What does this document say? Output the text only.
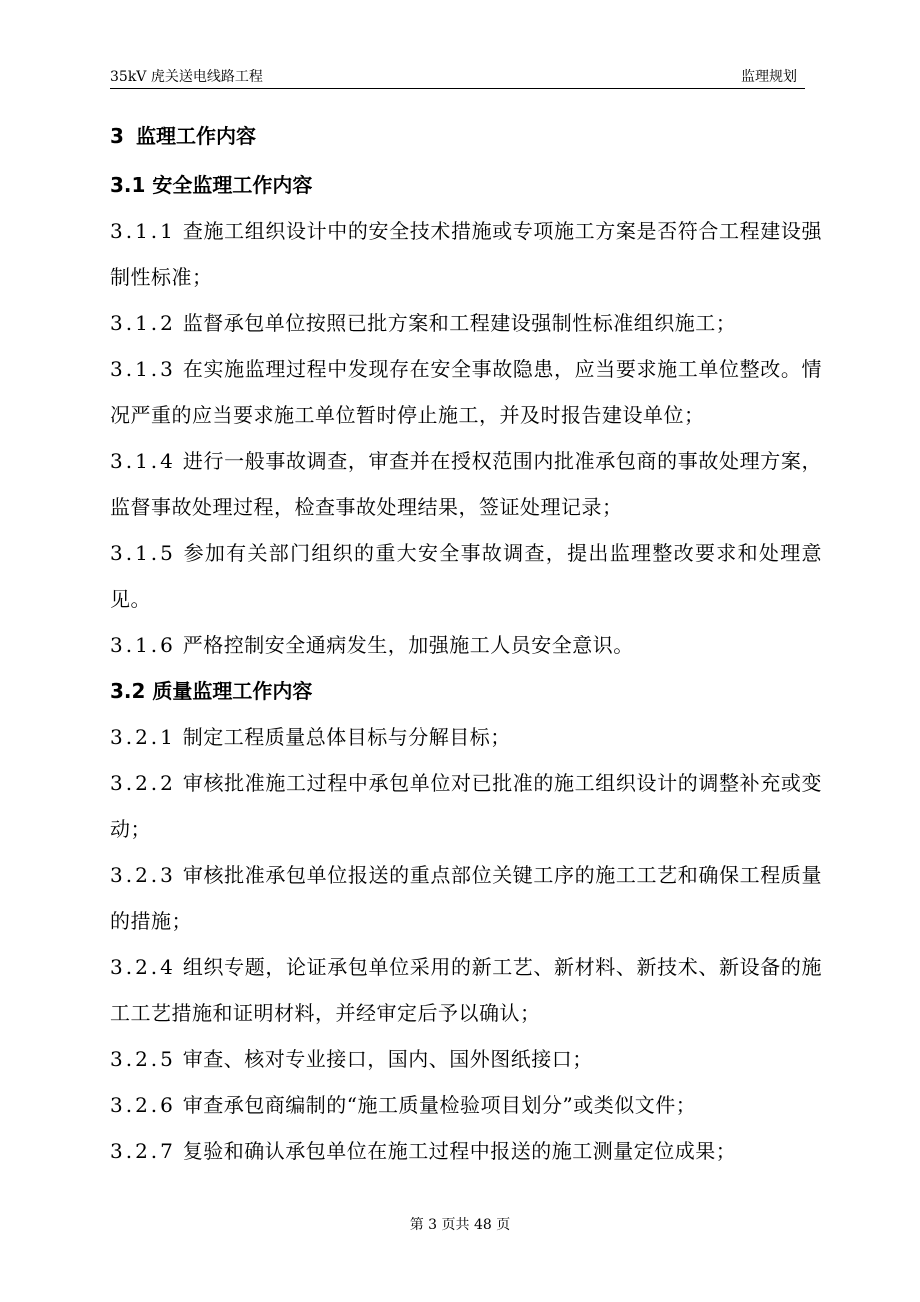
35kV 虎关送电线路工程	监理规划
3 监理工作内容
3.1 安全监理工作内容
3.1.1 查施工组织设计中的安全技术措施或专项施工方案是否符合工程建设强制性标准；
3.1.2 监督承包单位按照已批方案和工程建设强制性标准组织施工；
3.1.3 在实施监理过程中发现存在安全事故隐患，应当要求施工单位整改。情况严重的应当要求施工单位暂时停止施工，并及时报告建设单位；
3.1.4 进行一般事故调查，审查并在授权范围内批准承包商的事故处理方案，监督事故处理过程，检查事故处理结果，签证处理记录；
3.1.5 参加有关部门组织的重大安全事故调查，提出监理整改要求和处理意见。
3.1.6 严格控制安全通病发生，加强施工人员安全意识。
3.2 质量监理工作内容
3.2.1 制定工程质量总体目标与分解目标；
3.2.2 审核批准施工过程中承包单位对已批准的施工组织设计的调整补充或变动；
3.2.3 审核批准承包单位报送的重点部位关键工序的施工工艺和确保工程质量的措施；
3.2.4 组织专题，论证承包单位采用的新工艺、新材料、新技术、新设备的施工工艺措施和证明材料，并经审定后予以确认；
3.2.5 审查、核对专业接口，国内、国外图纸接口；
3.2.6 审查承包商编制的“施工质量检验项目划分”或类似文件；
3.2.7 复验和确认承包单位在施工过程中报送的施工测量定位成果；
第 3 页共 48 页
